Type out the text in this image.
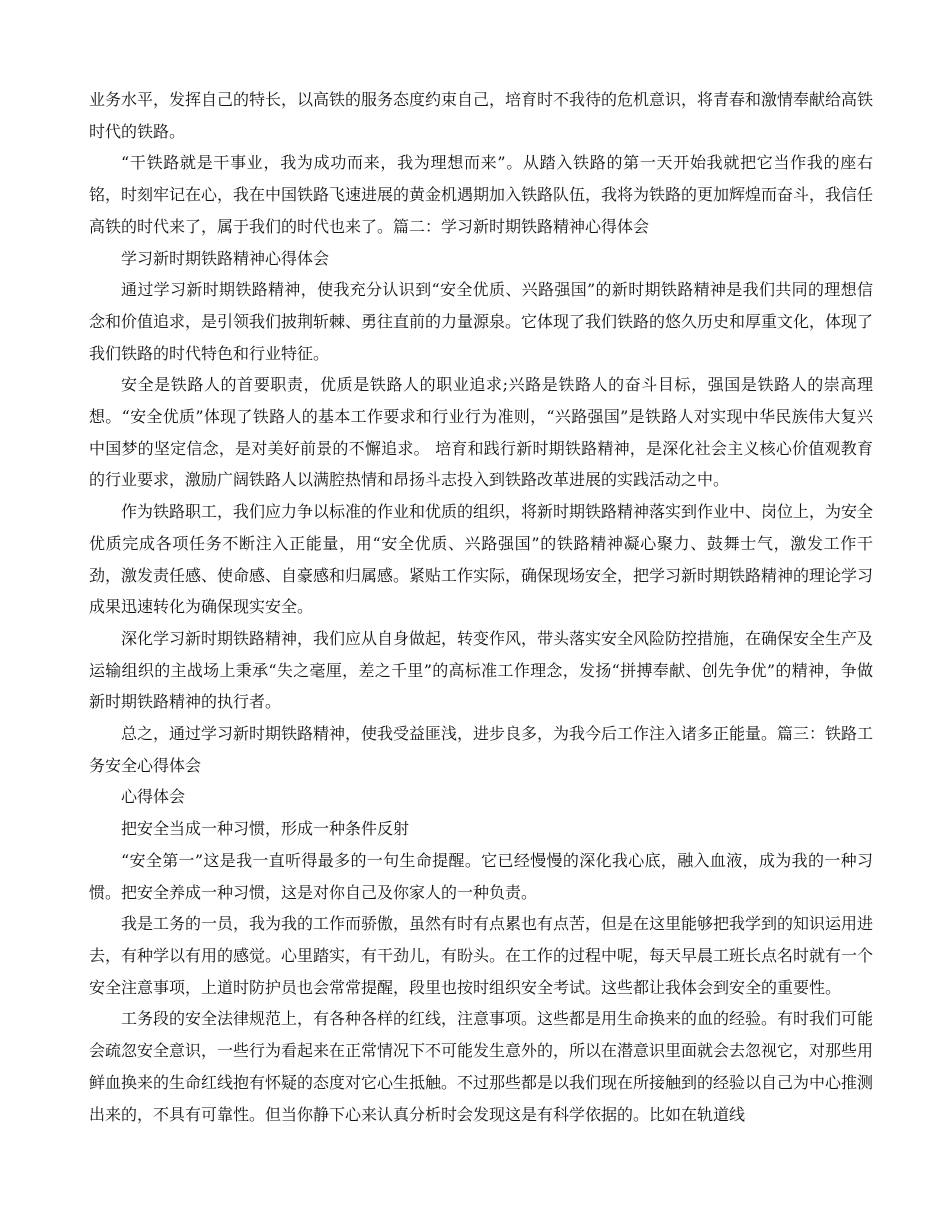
业务水平，发挥自己的特长，以高铁的服务态度约束自己，培育时不我待的危机意识，将青春和激情奉献给高铁时代的铁路。

“干铁路就是干事业，我为成功而来，我为理想而来”。从踏入铁路的第一天开始我就把它当作我的座右铭，时刻牢记在心，我在中国铁路飞速进展的黄金机遇期加入铁路队伍，我将为铁路的更加辉煌而奋斗，我信任高铁的时代来了，属于我们的时代也来了。篇二：学习新时期铁路精神心得体会

学习新时期铁路精神心得体会

通过学习新时期铁路精神，使我充分认识到“安全优质、兴路强国”的新时期铁路精神是我们共同的理想信念和价值追求，是引领我们披荆斩棘、勇往直前的力量源泉。它体现了我们铁路的悠久历史和厚重文化，体现了我们铁路的时代特色和行业特征。

安全是铁路人的首要职责，优质是铁路人的职业追求;兴路是铁路人的奋斗目标，强国是铁路人的崇高理想。“安全优质”体现了铁路人的基本工作要求和行业行为准则，“兴路强国”是铁路人对实现中华民族伟大复兴中国梦的坚定信念，是对美好前景的不懈追求。 培育和践行新时期铁路精神，是深化社会主义核心价值观教育的行业要求，激励广阔铁路人以满腔热情和昂扬斗志投入到铁路改革进展的实践活动之中。

作为铁路职工，我们应力争以标准的作业和优质的组织，将新时期铁路精神落实到作业中、岗位上，为安全优质完成各项任务不断注入正能量，用“安全优质、兴路强国”的铁路精神凝心聚力、鼓舞士气，激发工作干劲，激发责任感、使命感、自豪感和归属感。紧贴工作实际，确保现场安全，把学习新时期铁路精神的理论学习成果迅速转化为确保现实安全。

深化学习新时期铁路精神，我们应从自身做起，转变作风，带头落实安全风险防控措施，在确保安全生产及运输组织的主战场上秉承“失之毫厘，差之千里”的高标准工作理念，发扬“拼搏奉献、创先争优”的精神，争做新时期铁路精神的执行者。

总之，通过学习新时期铁路精神，使我受益匪浅，进步良多，为我今后工作注入诸多正能量。篇三：铁路工务安全心得体会

心得体会

把安全当成一种习惯，形成一种条件反射

“安全第一”这是我一直听得最多的一句生命提醒。它已经慢慢的深化我心底，融入血液，成为我的一种习惯。把安全养成一种习惯，这是对你自己及你家人的一种负责。

我是工务的一员，我为我的工作而骄傲，虽然有时有点累也有点苦，但是在这里能够把我学到的知识运用进去，有种学以有用的感觉。心里踏实，有干劲儿，有盼头。在工作的过程中呢，每天早晨工班长点名时就有一个安全注意事项，上道时防护员也会常常提醒，段里也按时组织安全考试。这些都让我体会到安全的重要性。

工务段的安全法律规范上，有各种各样的红线，注意事项。这些都是用生命换来的血的经验。有时我们可能会疏忽安全意识，一些行为看起来在正常情况下不可能发生意外的，所以在潜意识里面就会去忽视它，对那些用鲜血换来的生命红线抱有怀疑的态度对它心生抵触。不过那些都是以我们现在所接触到的经验以自己为中心推测出来的，不具有可靠性。但当你静下心来认真分析时会发现这是有科学依据的。比如在轨道线
